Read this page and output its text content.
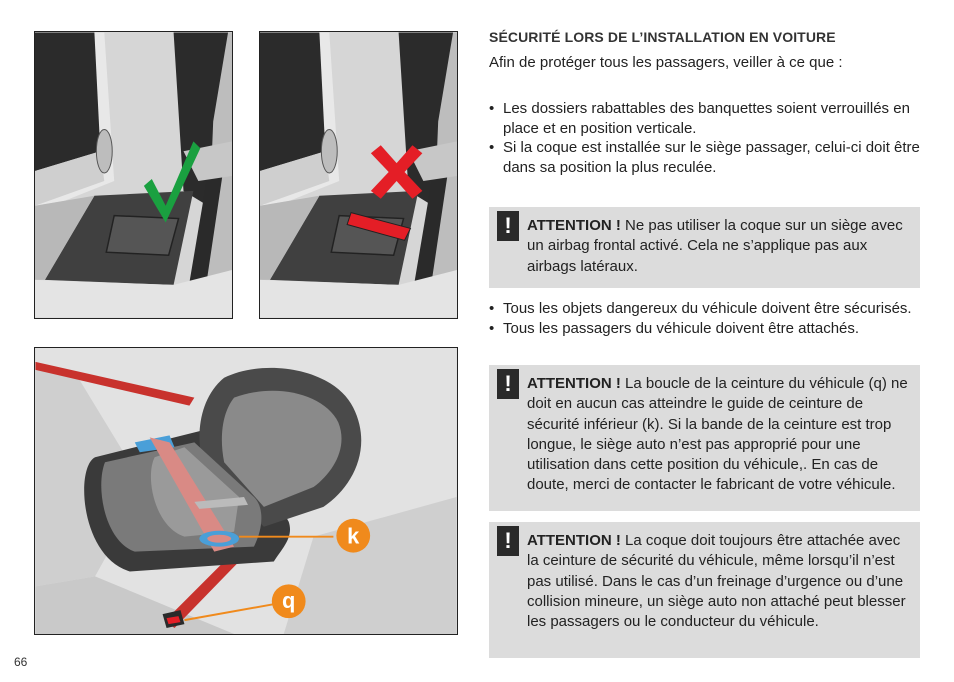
k
q
SÉCURITÉ LORS DE L’INSTALLATION EN VOITURE
Afin de protéger tous les passagers, veiller à ce que :
• Les dossiers rabattables des banquettes soient verrouillés en place et en position verticale.
• Si la coque est installée sur le siège passager, celui-ci doit être dans sa position la plus reculée.
! ATTENTION ! Ne pas utiliser la coque sur un siège avec un airbag frontal activé. Cela ne s’applique pas aux airbags latéraux.
• Tous les objets dangereux du véhicule doivent être sécurisés.
• Tous les passagers du véhicule doivent être attachés.
! ATTENTION ! La boucle de la ceinture du véhicule (q) ne doit en aucun cas atteindre le guide de ceinture de sécurité inférieur (k). Si la bande de la ceinture est trop longue, le siège auto n’est pas approprié pour une utilisation dans cette position du véhicule,. En cas de doute, merci de contacter le fabricant de votre véhicule.
! ATTENTION ! La coque doit toujours être attachée avec la ceinture de sécurité du véhicule, même lorsqu’il n’est pas utilisé. Dans le cas d’un freinage d’urgence ou d’une collision mineure, un siège auto non attaché peut blesser les passagers ou le conducteur du véhicule.
66
